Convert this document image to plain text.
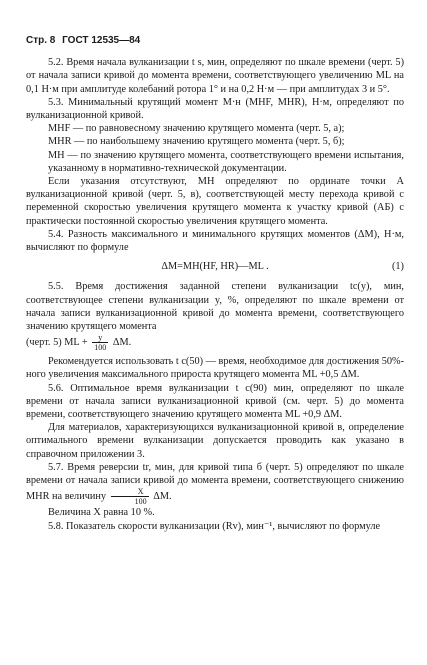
Стр. 8 ГОСТ 12535—84

5.2. Время начала вулканизации t s, мин, определяют по шкале времени (черт. 5) от начала записи кривой до момента времени, соответствующего увеличению ML на 0,1 Н·м при амплитуде колебаний ротора 1° и на 0,2 Н·м — при амплитудах 3 и 5°.

5.3. Минимальный крутящий момент М·н (MHF, MHR), Н·м, определяют по вулканизационной кривой.

MHF — по равновесному значению крутящего момента (черт. 5, а);

MHR — по наибольшему значению крутящего момента (черт. 5, б);

MH — по значению крутящего момента, соответствующего времени испытания, указанному в нормативно-технической документации.

Если указания отсутствуют, MH определяют по ординате точки А вулканизационной кривой (черт. 5, в), соответствующей месту перехода кривой с переменной скоростью увеличения крутящего момента к участку кривой (АБ) с практически постоянной скоростью увеличения крутящего момента.

5.4. Разность максимального и минимального крутящих моментов (ΔM), Н·м, вычисляют по формуле

ΔM=MH(HF, HR)—ML .	(1)

5.5. Время достижения заданной степени вулканизации tc(y), мин, соответствующее степени вулканизации y, %, определяют по шкале времени от начала записи вулканизационной кривой до момента времени, соответствующего значению крутящего момента

(черт. 5) ML + $\frac{y}{100} \Delta M$.

Рекомендуется использовать t c(50) — время, необходимое для достижения 50%-ного увеличения максимального прироста крутящего момента ML +0,5 ΔM.

5.6. Оптимальное время вулканизации t c(90) мин, определяют по шкале времени от начала записи вулканизационной кривой (см. черт. 5) до момента времени, соответствующего значению крутящего момента ML +0,9 ΔM.

Для материалов, характеризующихся вулканизационной кривой в, определение оптимального времени вулканизации допускается проводить как указано в справочном приложении 3.

5.7. Время реверсии tr, мин, для кривой типа б (черт. 5) определяют по шкале времени от начала записи кривой до момента времени, соответствующего снижению MHR на величину $\frac{X}{100} \Delta M$.

Величина X равна 10 %.

5.8. Показатель скорости вулканизации (Rv), мин⁻¹, вычисляют по формуле
